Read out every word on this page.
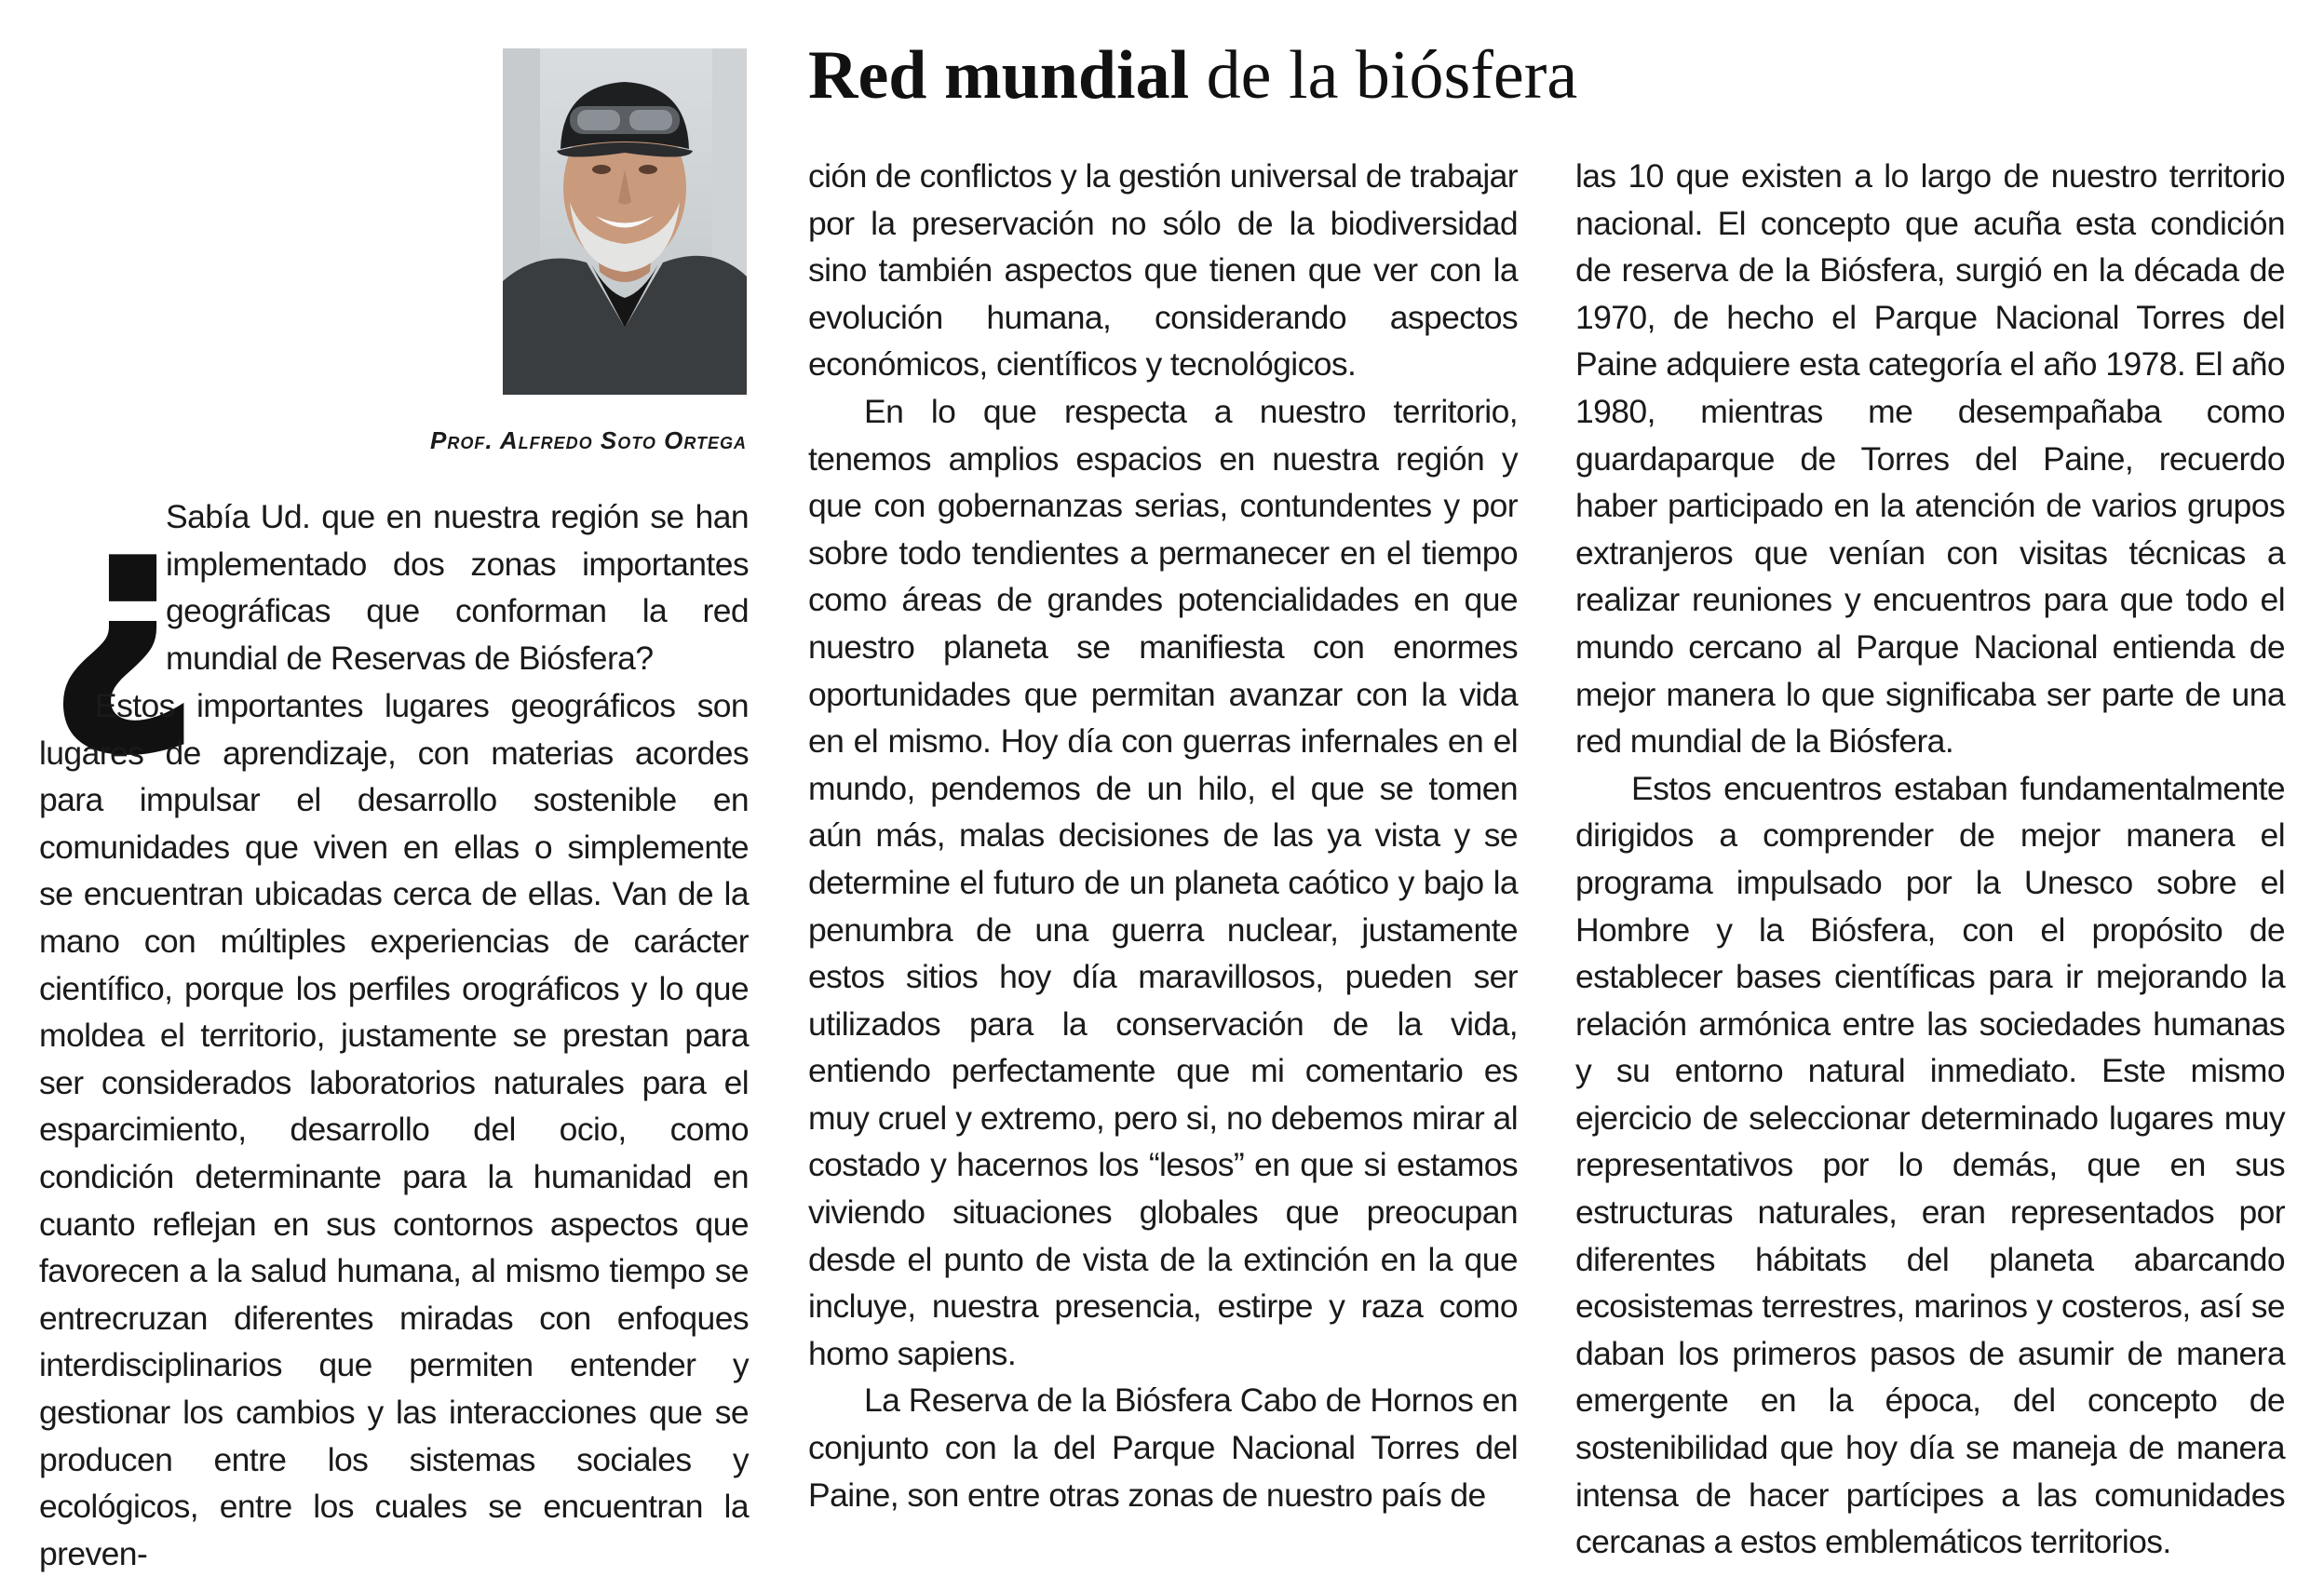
Prof. Alfredo Soto Ortega
Red mundial de la biósfera
¿

Sabía Ud. que en nuestra región se han implementado dos zonas importantes geográficas que conforman la red mundial de Reservas de Biósfera?

Estos importantes lugares geográficos son lugares de aprendizaje, con materias acordes para impulsar el desarrollo sostenible en comunidades que viven en ellas o simplemente se encuentran ubicadas cerca de ellas. Van de la mano con múltiples experiencias de carácter científico, porque los perfiles orográficos y lo que moldea el territorio, justamente se prestan para ser considerados laboratorios naturales para el esparcimiento, desarrollo del ocio, como condición determinante para la humanidad en cuanto reflejan en sus contornos aspectos que favorecen a la salud humana, al mismo tiempo se entrecruzan diferentes miradas con enfoques interdisciplinarios que permiten entender y gestionar los cambios y las interacciones que se producen entre los sistemas sociales y ecológicos, entre los cuales se encuentran la preven-

ción de conflictos y la gestión universal de trabajar por la preservación no sólo de la biodiversidad sino también aspectos que tienen que ver con la evolución humana, considerando aspectos económicos, científicos y tecnológicos.

En lo que respecta a nuestro territorio, tenemos amplios espacios en nuestra región y que con gobernanzas serias, contundentes y por sobre todo tendientes a permanecer en el tiempo como áreas de grandes potencialidades en que nuestro planeta se manifiesta con enormes oportunidades que permitan avanzar con la vida en el mismo. Hoy día con guerras infernales en el mundo, pendemos de un hilo, el que se tomen aún más, malas decisiones de las ya vista y se determine el futuro de un planeta caótico y bajo la penumbra de una guerra nuclear, justamente estos sitios hoy día maravillosos, pueden ser utilizados para la conservación de la vida, entiendo perfectamente que mi comentario es muy cruel y extremo, pero si, no debemos mirar al costado y hacernos los “lesos” en que si estamos viviendo situaciones globales que preocupan desde el punto de vista de la extinción en la que incluye, nuestra presencia, estirpe y raza como homo sapiens.

La Reserva de la Biósfera Cabo de Hornos en conjunto con la del Parque Nacional Torres del Paine, son entre otras zonas de nuestro país de

las 10 que existen a lo largo de nuestro territorio nacional. El concepto que acuña esta condición de reserva de la Biósfera, surgió en la década de 1970, de hecho el Parque Nacional Torres del Paine adquiere esta categoría el año 1978. El año 1980, mientras me desempañaba como guardaparque de Torres del Paine, recuerdo haber participado en la atención de varios grupos extranjeros que venían con visitas técnicas a realizar reuniones y encuentros para que todo el mundo cercano al Parque Nacional entienda de mejor manera lo que significaba ser parte de una red mundial de la Biósfera.

Estos encuentros estaban fundamentalmente dirigidos a comprender de mejor manera el programa impulsado por la Unesco sobre el Hombre y la Biósfera, con el propósito de establecer bases científicas para ir mejorando la relación armónica entre las sociedades humanas y su entorno natural inmediato. Este mismo ejercicio de seleccionar determinado lugares muy representativos por lo demás, que en sus estructuras naturales, eran representados por diferentes hábitats del planeta abarcando ecosistemas terrestres, marinos y costeros, así se daban los primeros pasos de asumir de manera emergente en la época, del concepto de sostenibilidad que hoy día se maneja de manera intensa de hacer partícipes a las comunidades cercanas a estos emblemáticos territorios.
